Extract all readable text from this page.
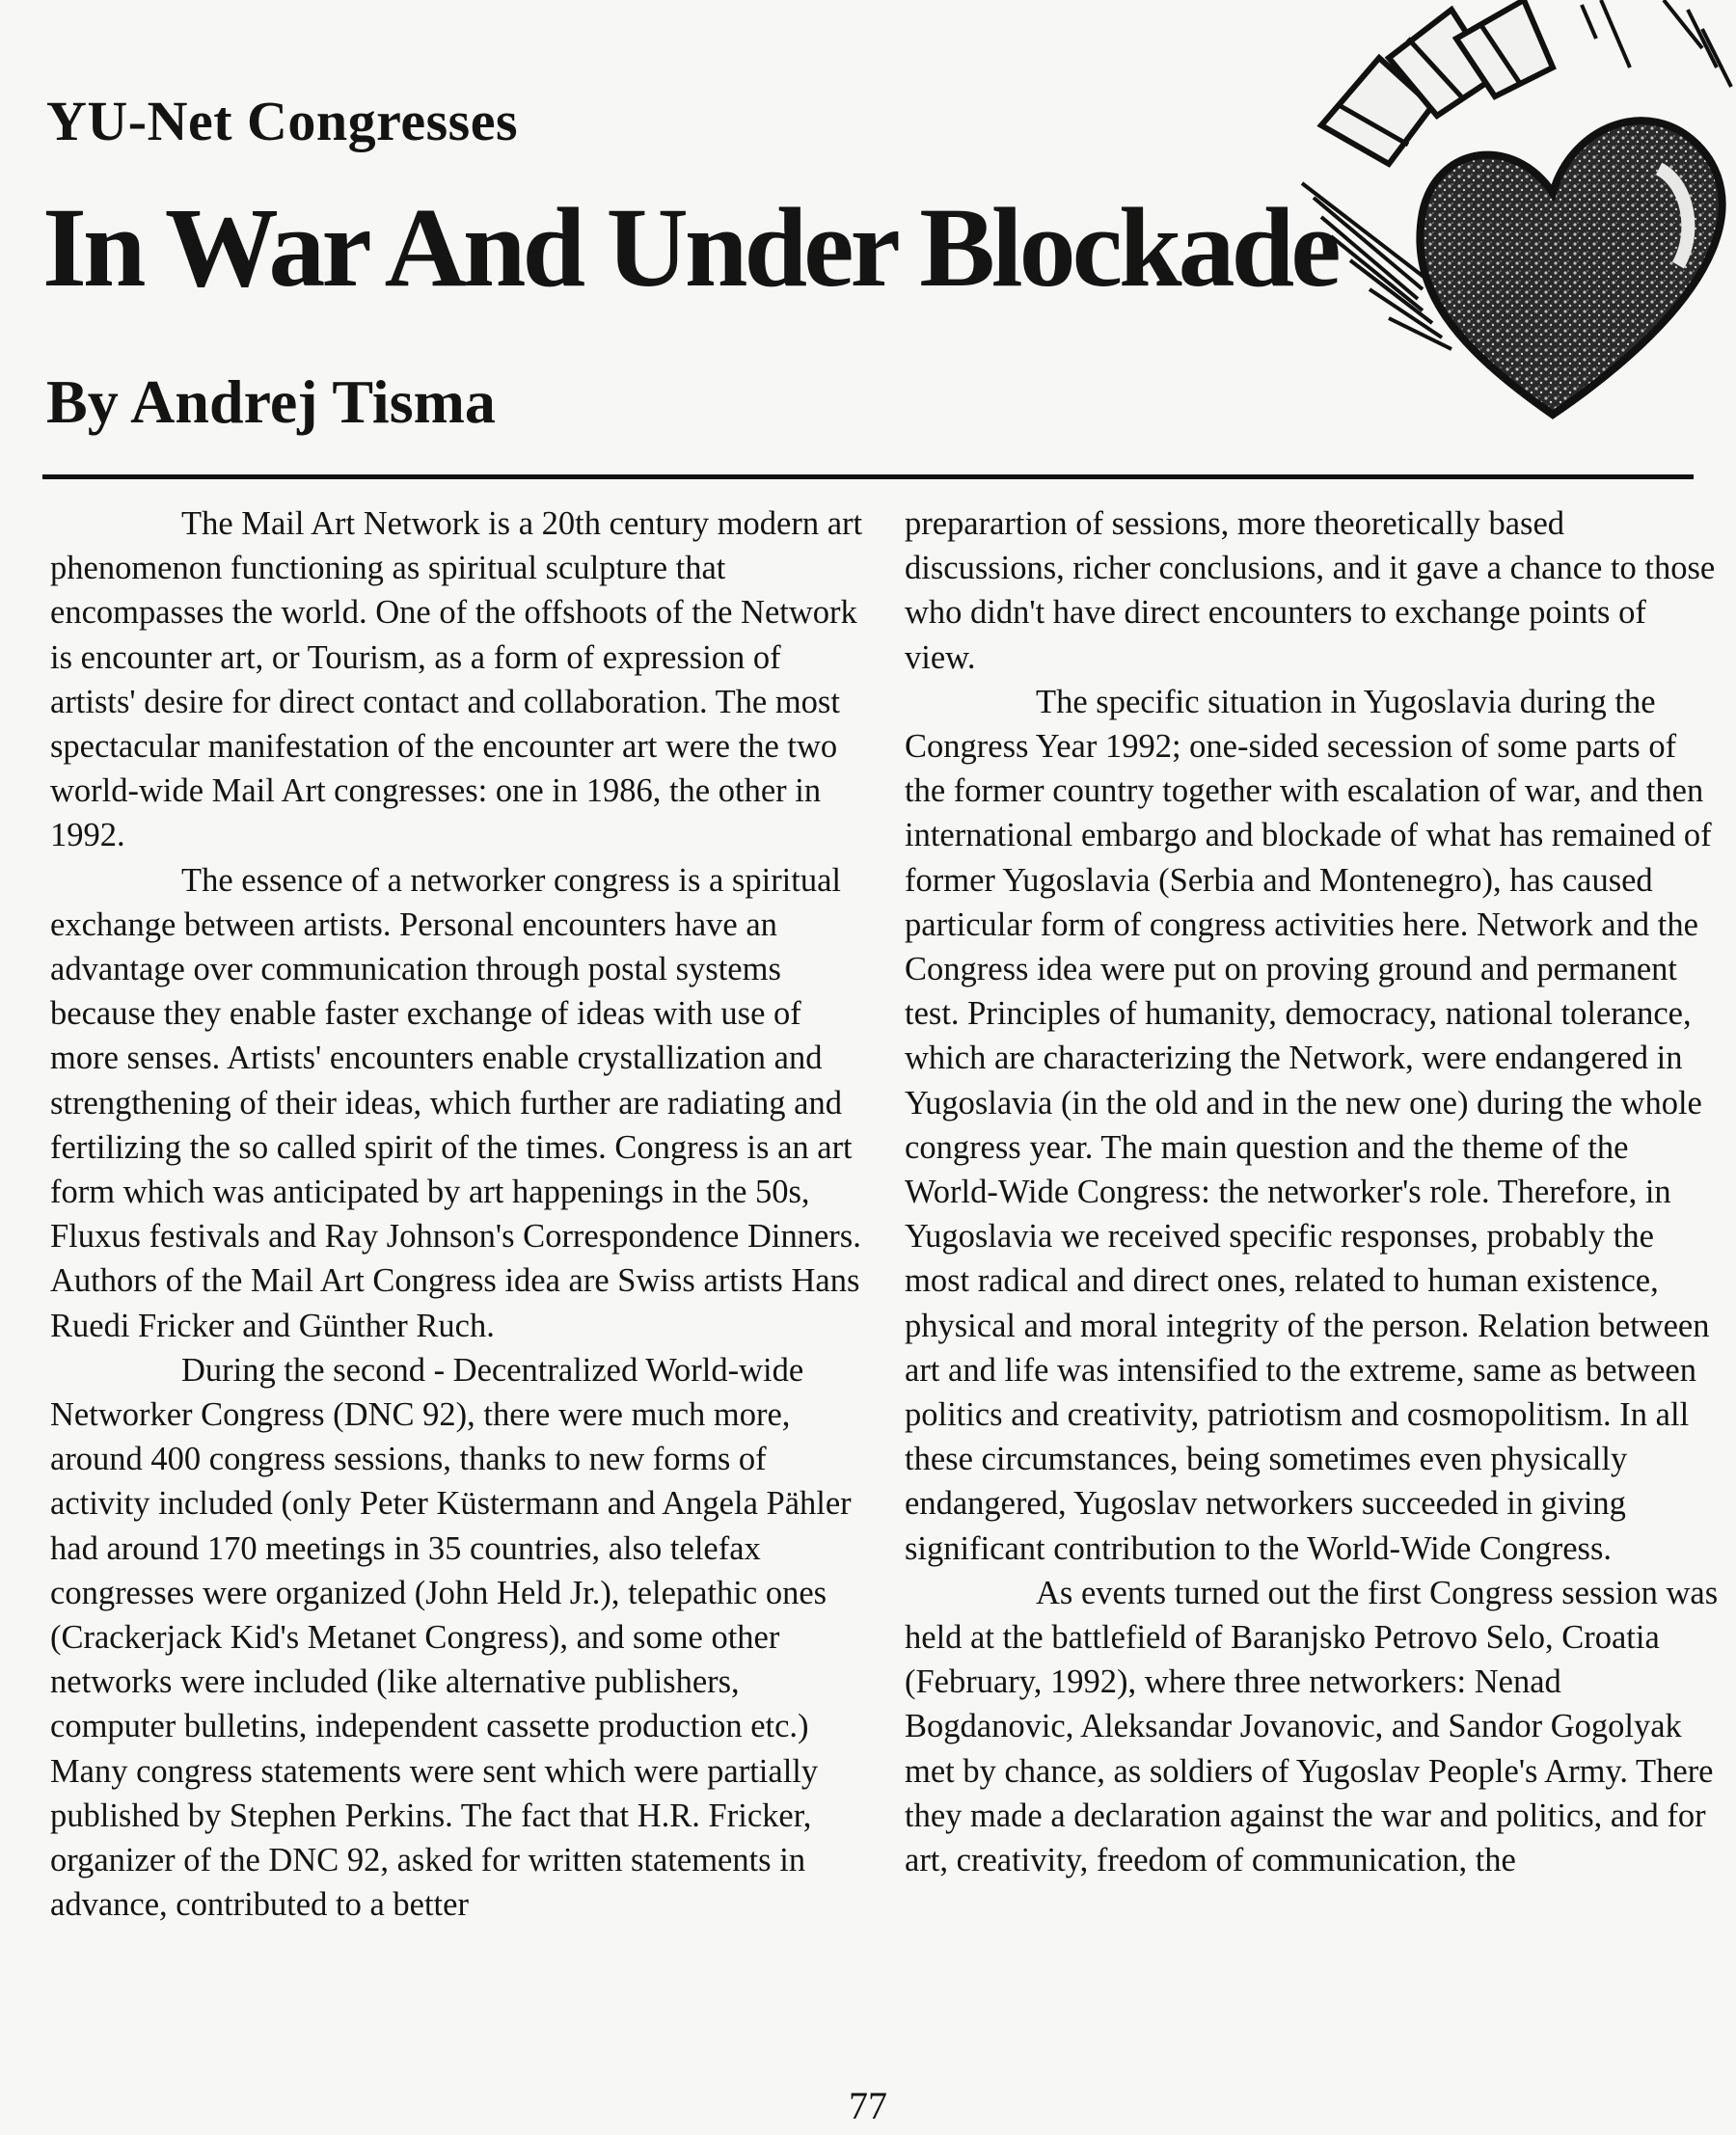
YU-Net Congresses
In War And Under Blockade
By Andrej Tisma

The Mail Art Network is a 20th century modern art phenomenon functioning as spiritual sculpture that encompasses the world. One of the offshoots of the Network is encounter art, or Tourism, as a form of expression of artists' desire for direct contact and collaboration. The most spectacular manifestation of the encounter art were the two world-wide Mail Art congresses: one in 1986, the other in 1992.

The essence of a networker congress is a spiritual exchange between artists. Personal encounters have an advantage over communication through postal systems because they enable faster exchange of ideas with use of more senses. Artists' encounters enable crystallization and strengthening of their ideas, which further are radiating and fertilizing the so called spirit of the times. Congress is an art form which was anticipated by art happenings in the 50s, Fluxus festivals and Ray Johnson's Correspondence Dinners. Authors of the Mail Art Congress idea are Swiss artists Hans Ruedi Fricker and Günther Ruch.

During the second - Decentralized World-wide Networker Congress (DNC 92), there were much more, around 400 congress sessions, thanks to new forms of activity included (only Peter Küstermann and Angela Pähler had around 170 meetings in 35 countries, also telefax congresses were organized (John Held Jr.), telepathic ones (Crackerjack Kid's Metanet Congress), and some other networks were included (like alternative publishers, computer bulletins, independent cassette production etc.) Many congress statements were sent which were partially published by Stephen Perkins. The fact that H.R. Fricker, organizer of the DNC 92, asked for written statements in advance, contributed to a better

preparartion of sessions, more theoretically based discussions, richer conclusions, and it gave a chance to those who didn't have direct encounters to exchange points of view.

The specific situation in Yugoslavia during the Congress Year 1992; one-sided secession of some parts of the former country together with escalation of war, and then international embargo and blockade of what has remained of former Yugoslavia (Serbia and Montenegro), has caused particular form of congress activities here. Network and the Congress idea were put on proving ground and permanent test. Principles of humanity, democracy, national tolerance, which are characterizing the Network, were endangered in Yugoslavia (in the old and in the new one) during the whole congress year. The main question and the theme of the World-Wide Congress: the networker's role. Therefore, in Yugoslavia we received specific responses, probably the most radical and direct ones, related to human existence, physical and moral integrity of the person. Relation between art and life was intensified to the extreme, same as between politics and creativity, patriotism and cosmopolitism. In all these circumstances, being sometimes even physically endangered, Yugoslav networkers succeeded in giving significant contribution to the World-Wide Congress.

As events turned out the first Congress session was held at the battlefield of Baranjsko Petrovo Selo, Croatia (February, 1992), where three networkers: Nenad Bogdanovic, Aleksandar Jovanovic, and Sandor Gogolyak met by chance, as soldiers of Yugoslav People's Army. There they made a declaration against the war and politics, and for art, creativity, freedom of communication, the

77
